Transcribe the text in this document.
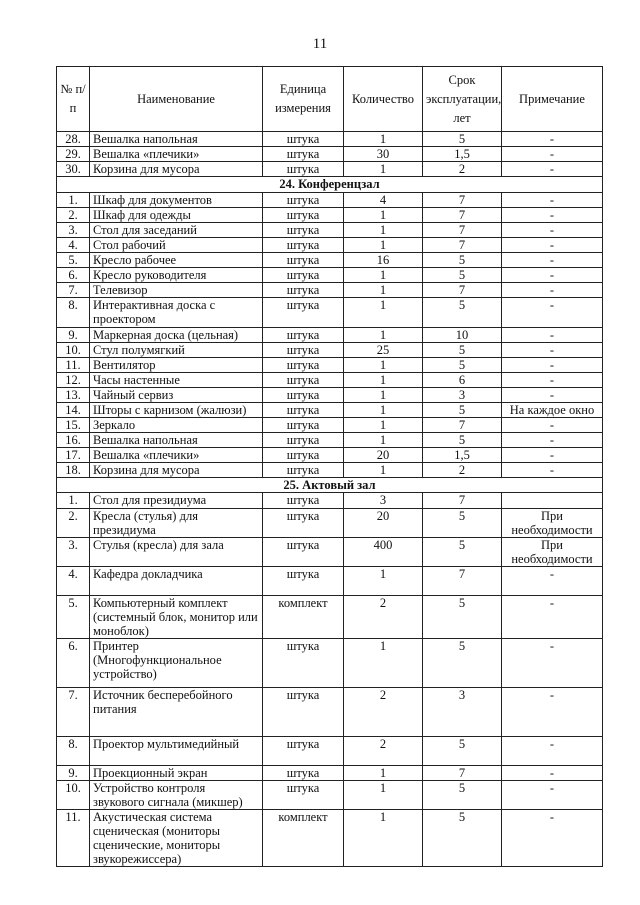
11
№ п/п	Наименование	Единица измерения	Количество	Срок эксплуатации, лет	Примечание
28.	Вешалка напольная	штука	1	5	-
29.	Вешалка «плечики»	штука	30	1,5	-
30.	Корзина для мусора	штука	1	2	-
24. Конференцзал					
1.	Шкаф для документов	штука	4	7	-
2.	Шкаф для одежды	штука	1	7	-
3.	Стол для заседаний	штука	1	7	-
4.	Стол рабочий	штука	1	7	-
5.	Кресло рабочее	штука	16	5	-
6.	Кресло руководителя	штука	1	5	-
7.	Телевизор	штука	1	7	-
8.	Интерактивная доска с проектором	штука	1	5	-
9.	Маркерная доска (цельная)	штука	1	10	-
10.	Стул полумягкий	штука	25	5	-
11.	Вентилятор	штука	1	5	-
12.	Часы настенные	штука	1	6	-
13.	Чайный сервиз	штука	1	3	-
14.	Шторы с карнизом (жалюзи)	штука	1	5	На каждое окно
15.	Зеркало	штука	1	7	-
16.	Вешалка напольная	штука	1	5	-
17.	Вешалка «плечики»	штука	20	1,5	-
18.	Корзина для мусора	штука	1	2	-
25. Актовый зал					
1.	Стол для президиума	штука	3	7	
2.	Кресла (стулья) для президиума	штука	20	5	При необходимости
3.	Стулья (кресла) для зала	штука	400	5	При необходимости
4.	Кафедра докладчика	штука	1	7	-
5.	Компьютерный комплект (системный блок, монитор или моноблок)	комплект	2	5	-
6.	Принтер (Многофункциональное устройство)	штука	1	5	-
7.	Источник бесперебойного питания	штука	2	3	-
8.	Проектор мультимедийный	штука	2	5	-
9.	Проекционный экран	штука	1	7	-
10.	Устройство контроля звукового сигнала (микшер)	штука	1	5	-
11.	Акустическая система сценическая (мониторы сценические, мониторы звукорежиссера)	комплект	1	5	-
